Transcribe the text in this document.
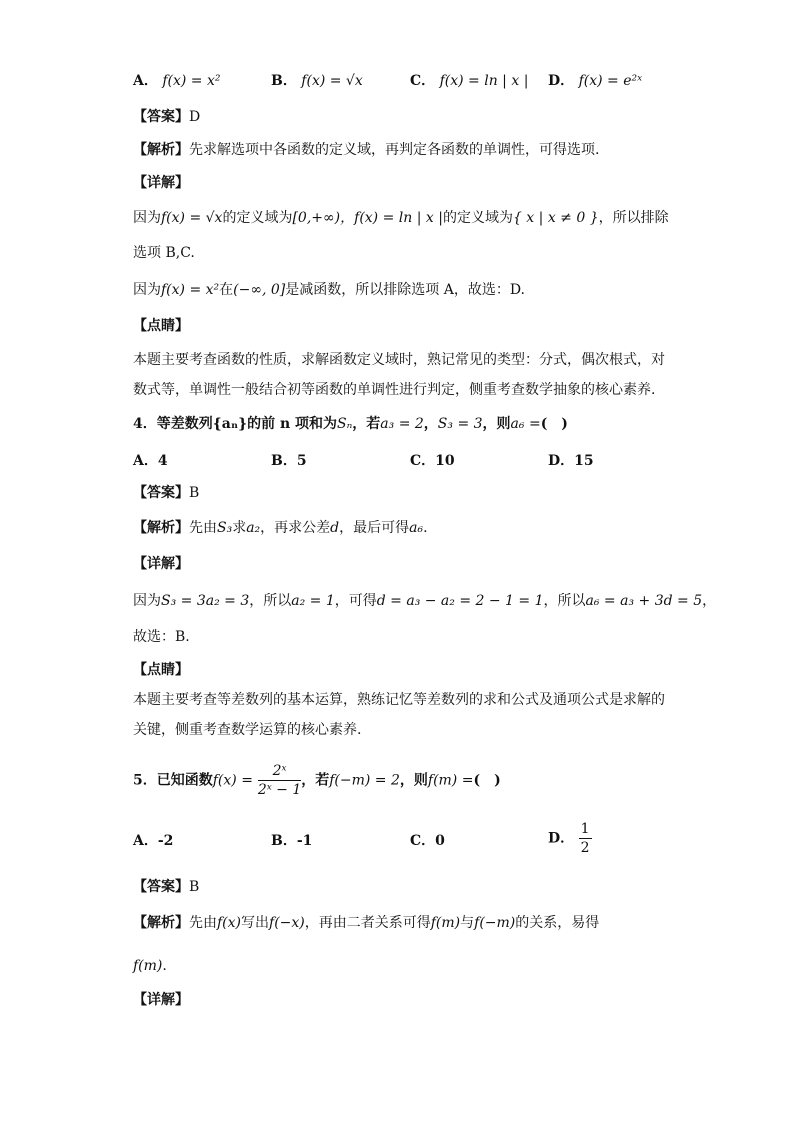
A． f(x) = x²	B． f(x) = √x	C． f(x) = ln | x | D． f(x) = e²ˣ
【答案】D
【解析】先求解选项中各函数的定义域，再判定各函数的单调性，可得选项.
【详解】
因为f(x) = √x的定义域为[0,+∞)，f(x) = ln | x |的定义域为{ x | x ≠ 0 }，所以排除
选项 B,C.
因为f(x) = x²在(−∞, 0]是减函数，所以排除选项 A，故选：D.
【点睛】
本题主要考查函数的性质，求解函数定义域时，熟记常见的类型：分式，偶次根式，对
数式等，单调性一般结合初等函数的单调性进行判定，侧重考查数学抽象的核心素养.
4．等差数列{aₙ}的前 n 项和为Sₙ，若a₃ = 2，S₃ = 3，则a₆ =(　)
A．4	B．5	C．10	D．15
【答案】B
【解析】先由S₃求a₂，再求公差d，最后可得a₆.
【详解】
因为S₃ = 3a₂ = 3，所以a₂ = 1，可得d = a₃ − a₂ = 2 − 1 = 1，所以a₆ = a₃ + 3d = 5，
故选：B.
【点睛】
本题主要考查等差数列的基本运算，熟练记忆等差数列的求和公式及通项公式是求解的
关键，侧重考查数学运算的核心素养.
5．已知函数$f(x) = \frac{\text{2ˣ}}{\text{2ˣ − 1}}$ ，若f(−m) = 2，则f(m) =(　)
A．-2	B．-1	C．0	D． $\frac{1}{2}$
【答案】B
【解析】先由f(x)写出f(−x)，再由二者关系可得f(m)与f(−m)的关系，易得
f(m).
【详解】
